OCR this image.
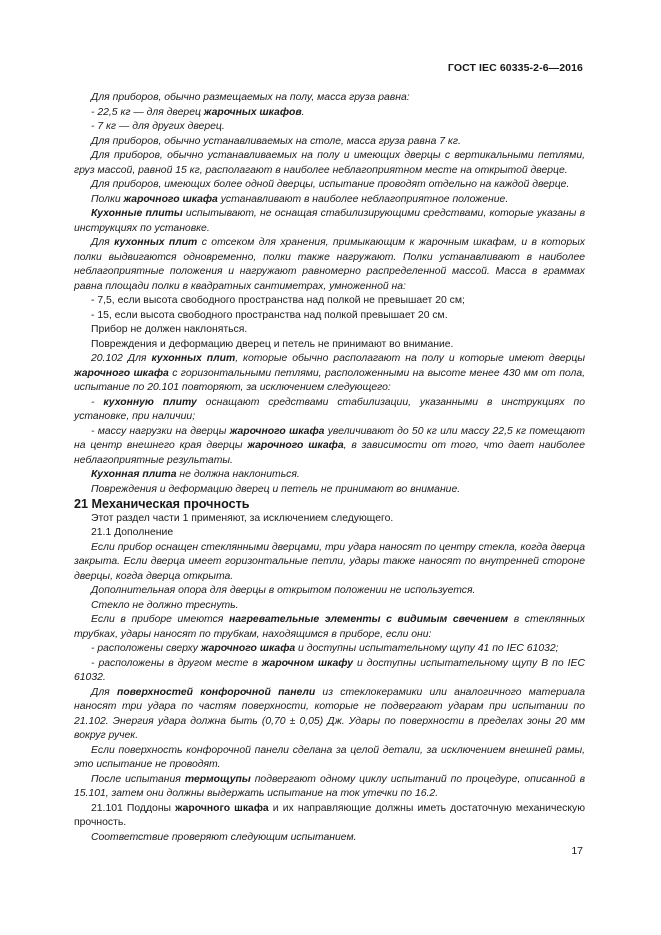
ГОСТ IEC 60335-2-6—2016

Для приборов, обычно размещаемых на полу, масса груза равна:

- 22,5 кг — для дверец жарочных шкафов.

- 7 кг — для других дверец.

Для приборов, обычно устанавливаемых на столе, масса груза равна 7 кг.

Для приборов, обычно устанавливаемых на полу и имеющих дверцы с вертикальными петлями, груз массой, равной 15 кг, располагают в наиболее неблагоприятном месте на открытой дверце.

Для приборов, имеющих более одной дверцы, испытание проводят отдельно на каждой дверце.

Полки жарочного шкафа устанавливают в наиболее неблагоприятное положение.

Кухонные плиты испытывают, не оснащая стабилизирующими средствами, которые указаны в инструкциях по установке.

Для кухонных плит с отсеком для хранения, примыкающим к жарочным шкафам, и в которых полки выдвигаются одновременно, полки также нагружают. Полки устанавливают в наиболее неблагоприятные положения и нагружают равномерно распределенной массой. Масса в граммах равна площади полки в квадратных сантиметрах, умноженной на:

- 7,5, если высота свободного пространства над полкой не превышает 20 см;

- 15, если высота свободного пространства над полкой превышает 20 см.

Прибор не должен наклоняться.

Повреждения и деформацию дверец и петель не принимают во внимание.

20.102 Для кухонных плит, которые обычно располагают на полу и которые имеют дверцы жарочного шкафа с горизонтальными петлями, расположенными на высоте менее 430 мм от пола, испытание по 20.101 повторяют, за исключением следующего:

- кухонную плиту оснащают средствами стабилизации, указанными в инструкциях по установке, при наличии;

- массу нагрузки на дверцы жарочного шкафа увеличивают до 50 кг или массу 22,5 кг помещают на центр внешнего края дверцы жарочного шкафа, в зависимости от того, что дает наиболее неблагоприятные результаты.

Кухонная плита не должна наклониться.

Повреждения и деформацию дверец и петель не принимают во внимание.

21 Механическая прочность

Этот раздел части 1 применяют, за исключением следующего.

21.1 Дополнение

Если прибор оснащен стеклянными дверцами, три удара наносят по центру стекла, когда дверца закрыта. Если дверца имеет горизонтальные петли, удары также наносят по внутренней стороне дверцы, когда дверца открыта.

Дополнительная опора для дверцы в открытом положении не используется.

Стекло не должно треснуть.

Если в приборе имеются нагревательные элементы с видимым свечением в стеклянных трубках, удары наносят по трубкам, находящимся в приборе, если они:

- расположены сверху жарочного шкафа и доступны испытательному щупу 41 по IEC 61032;

- расположены в другом месте в жарочном шкафу и доступны испытательному щупу B по IEC 61032.

Для поверхностей конфорочной панели из стеклокерамики или аналогичного материала наносят три удара по частям поверхности, которые не подвергают ударам при испытании по 21.102. Энергия удара должна быть (0,70 ± 0,05) Дж. Удары по поверхности в пределах зоны 20 мм вокруг ручек.

Если поверхность конфорочной панели сделана за целой детали, за исключением внешней рамы, это испытание не проводят.

После испытания термощупы подвергают одному циклу испытаний по процедуре, описанной в 15.101, затем они должны выдержать испытание на ток утечки по 16.2.

21.101 Поддоны жарочного шкафа и их направляющие должны иметь достаточную механическую прочность.

Соответствие проверяют следующим испытанием.

17
